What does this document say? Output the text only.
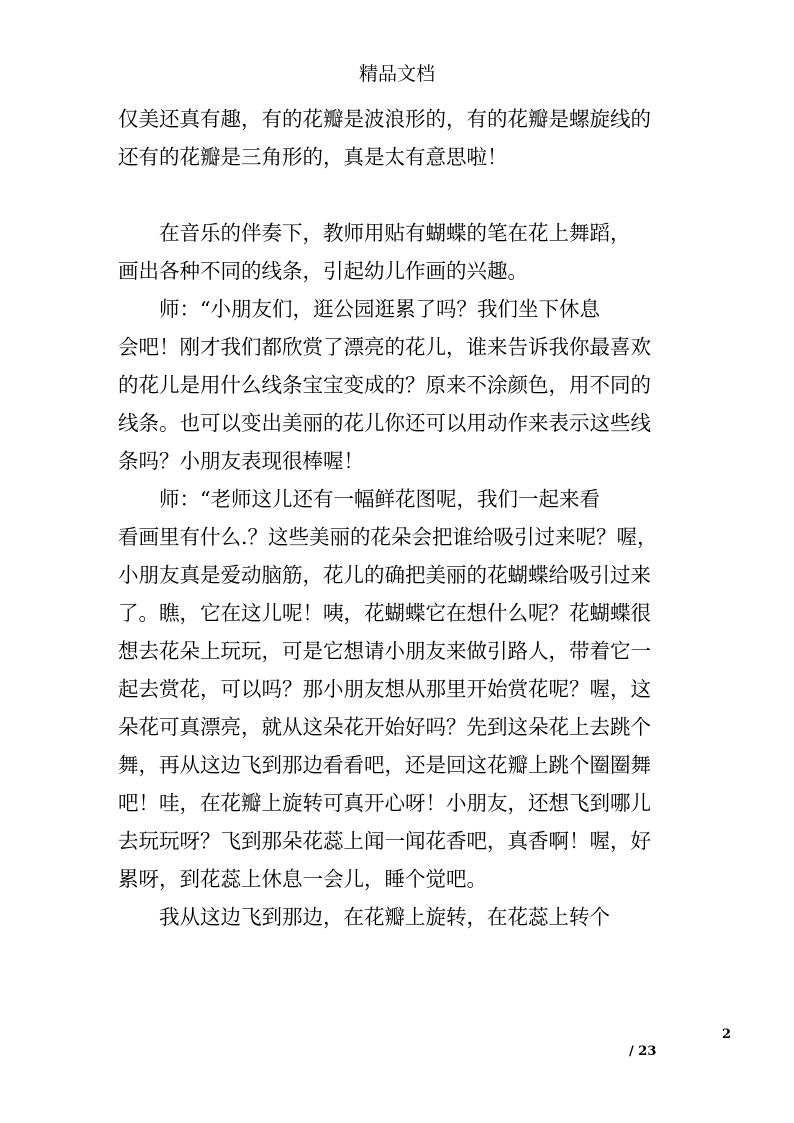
精品文档

仅美还真有趣，有的花瓣是波浪形的，有的花瓣是螺旋线的

还有的花瓣是三角形的，真是太有意思啦！

　　在音乐的伴奏下，教师用贴有蝴蝶的笔在花上舞蹈，

画出各种不同的线条，引起幼儿作画的兴趣。

　　师：“小朋友们，逛公园逛累了吗？我们坐下休息

会吧！刚才我们都欣赏了漂亮的花儿，谁来告诉我你最喜欢

的花儿是用什么线条宝宝变成的？原来不涂颜色，用不同的

线条。也可以变出美丽的花儿你还可以用动作来表示这些线

条吗？小朋友表现很棒喔！

　　师：“老师这儿还有一幅鲜花图呢，我们一起来看

看画里有什么.？这些美丽的花朵会把谁给吸引过来呢？喔，

小朋友真是爱动脑筋，花儿的确把美丽的花蝴蝶给吸引过来

了。瞧，它在这儿呢！咦，花蝴蝶它在想什么呢？花蝴蝶很

想去花朵上玩玩，可是它想请小朋友来做引路人，带着它一

起去赏花，可以吗？那小朋友想从那里开始赏花呢？喔，这

朵花可真漂亮，就从这朵花开始好吗？先到这朵花上去跳个

舞，再从这边飞到那边看看吧，还是回这花瓣上跳个圈圈舞

吧！哇，在花瓣上旋转可真开心呀！小朋友，还想飞到哪儿

去玩玩呀？飞到那朵花蕊上闻一闻花香吧，真香啊！喔，好

累呀，到花蕊上休息一会儿，睡个觉吧。

　　我从这边飞到那边，在花瓣上旋转，在花蕊上转个

2
/ 23
